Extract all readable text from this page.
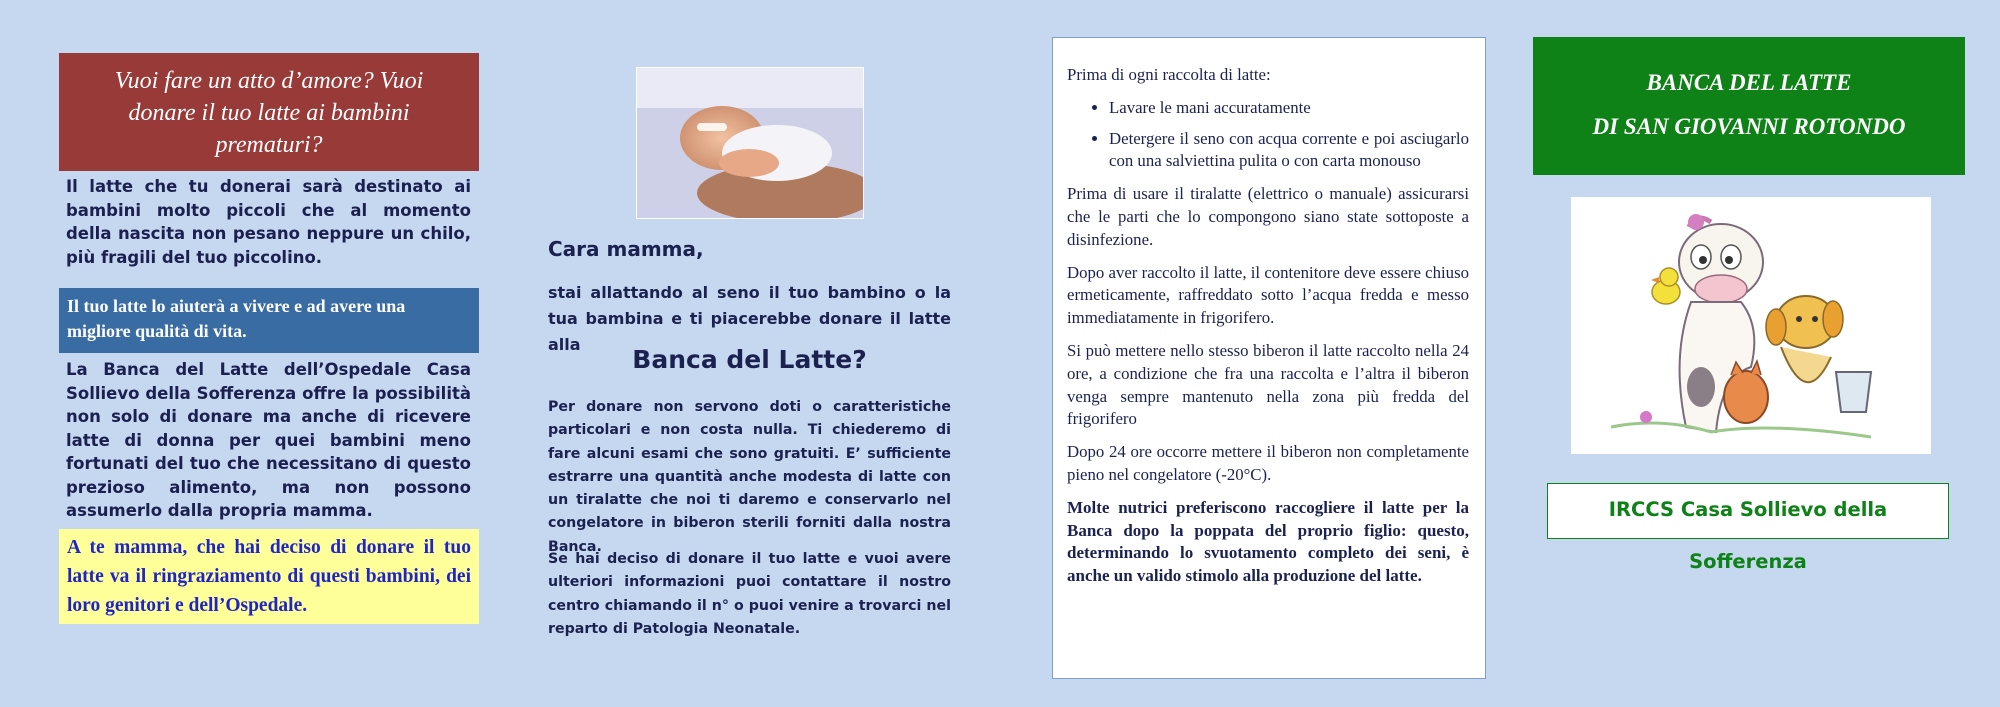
Vuoi fare un atto d’amore? Vuoi donare il tuo latte ai bambini prematuri?
Il latte che tu donerai sarà destinato ai bambini molto piccoli che al momento della nascita non pesano neppure un chilo, più fragili del tuo piccolino.
Il tuo latte lo aiuterà a vivere e ad avere una migliore qualità di vita.
La Banca del Latte dell’Ospedale Casa Sollievo della Sofferenza offre la possibilità non solo di donare ma anche di ricevere latte di donna per quei bambini meno fortunati del tuo che necessitano di questo prezioso alimento, ma non possono assumerlo dalla propria mamma.
A te mamma, che hai deciso di donare il tuo latte va il ringraziamento di questi bambini, dei loro genitori e dell’Ospedale.
Cara mamma,
stai allattando al seno il tuo bambino o la tua bambina e ti piacerebbe donare il latte alla
Banca del Latte?
Per donare non servono doti o caratteristiche particolari e non costa nulla. Ti chiederemo di fare alcuni esami che sono gratuiti. E’ sufficiente estrarre una quantità anche modesta di latte con un tiralatte che noi ti daremo e conservarlo nel congelatore in biberon sterili forniti dalla nostra Banca.
Se hai deciso di donare il tuo latte e vuoi avere ulteriori informazioni puoi contattare il nostro centro chiamando il n° o puoi venire a trovarci nel reparto di Patologia Neonatale.

Prima di ogni raccolta di latte:

• Lavare le mani accuratamente
• Detergere il seno con acqua corrente e poi asciugarlo con una salviettina pulita o con carta monouso

Prima di usare il tiralatte (elettrico o manuale) assicurarsi che le parti che lo compongono siano state sottoposte a disinfezione.

Dopo aver raccolto il latte, il contenitore deve essere chiuso ermeticamente, raffreddato sotto l’acqua fredda e messo immediatamente in frigorifero.

Si può mettere nello stesso biberon il latte raccolto nella 24 ore, a condizione che fra una raccolta e l’altra il biberon venga sempre mantenuto nella zona più fredda del frigorifero

Dopo 24 ore occorre mettere il biberon non completamente pieno nel congelatore (-20°C).

Molte nutrici preferiscono raccogliere il latte per la Banca dopo la poppata del proprio figlio: questo, determinando lo svuotamento completo dei seni, è anche un valido stimolo alla produzione del latte.

BANCA DEL LATTE
DI SAN GIOVANNI ROTONDO
IRCCS Casa Sollievo della Sofferenza
